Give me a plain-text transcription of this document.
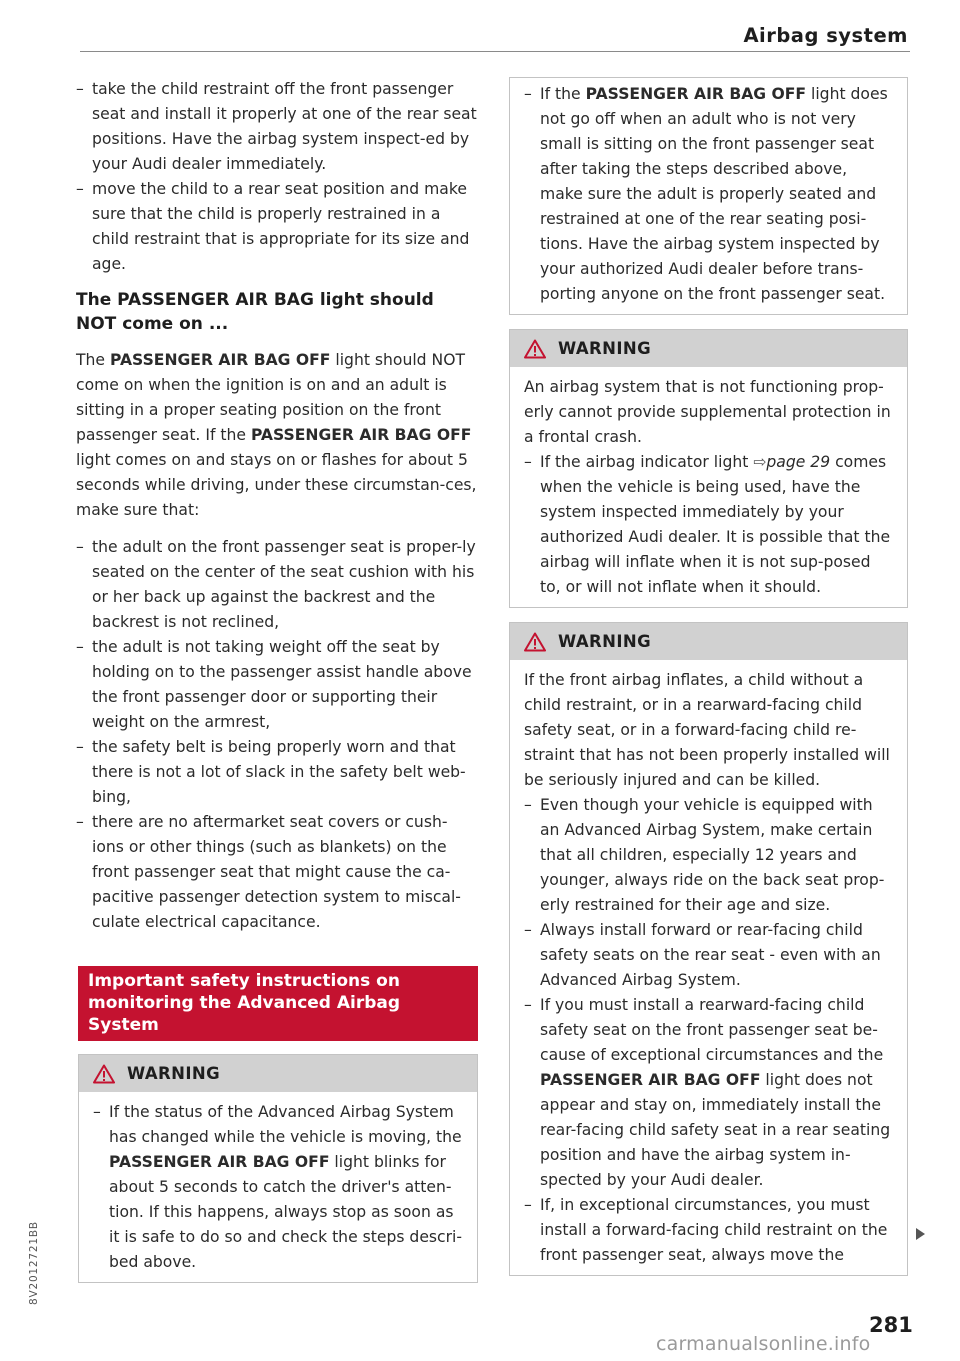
Airbag system
– take the child restraint off the front passenger seat and install it properly at one of the rear seat positions. Have the airbag system inspect-ed by your Audi dealer immediately.
– move the child to a rear seat position and make sure that the child is properly restrained in a child restraint that is appropriate for its size and age.
The PASSENGER AIR BAG light should NOT come on ...

The PASSENGER AIR BAG OFF light should NOT come on when the ignition is on and an adult is sitting in a proper seating position on the front passenger seat. If the PASSENGER AIR BAG OFF light comes on and stays on or flashes for about 5 seconds while driving, under these circumstan-ces, make sure that:

– the adult on the front passenger seat is proper-ly seated on the center of the seat cushion with his or her back up against the backrest and the backrest is not reclined,
– the adult is not taking weight off the seat by holding on to the passenger assist handle above the front passenger door or supporting their weight on the armrest,
– the safety belt is being properly worn and that there is not a lot of slack in the safety belt web-bing,
– there are no aftermarket seat covers or cush-ions or other things (such as blankets) on the front passenger seat that might cause the ca-pacitive passenger detection system to miscal-culate electrical capacitance.
Important safety instructions on monitoring the Advanced Airbag System
WARNING
– If the status of the Advanced Airbag System has changed while the vehicle is moving, the PASSENGER AIR BAG OFF light blinks for about 5 seconds to catch the driver's atten-tion. If this happens, always stop as soon as it is safe to do so and check the steps descri-bed above.
– If the PASSENGER AIR BAG OFF light does not go off when an adult who is not very small is sitting on the front passenger seat after taking the steps described above, make sure the adult is properly seated and restrained at one of the rear seating posi-tions. Have the airbag system inspected by your authorized Audi dealer before trans-porting anyone on the front passenger seat.
WARNING

An airbag system that is not functioning prop-erly cannot provide supplemental protection in a frontal crash.

– If the airbag indicator light ⇨page 29 comes when the vehicle is being used, have the system inspected immediately by your authorized Audi dealer. It is possible that the airbag will inflate when it is not sup-posed to, or will not inflate when it should.
WARNING

If the front airbag inflates, a child without a child restraint, or in a rearward-facing child safety seat, or in a forward-facing child re-straint that has not been properly installed will be seriously injured and can be killed.

– Even though your vehicle is equipped with an Advanced Airbag System, make certain that all children, especially 12 years and younger, always ride on the back seat prop-erly restrained for their age and size.
– Always install forward or rear-facing child safety seats on the rear seat - even with an Advanced Airbag System.
– If you must install a rearward-facing child safety seat on the front passenger seat be-cause of exceptional circumstances and the PASSENGER AIR BAG OFF light does not appear and stay on, immediately install the rear-facing child safety seat in a rear seating position and have the airbag system in-spected by your Audi dealer.
– If, in exceptional circumstances, you must install a forward-facing child restraint on the front passenger seat, always move the
281
8V2012721BB
carmanualsonline.info
